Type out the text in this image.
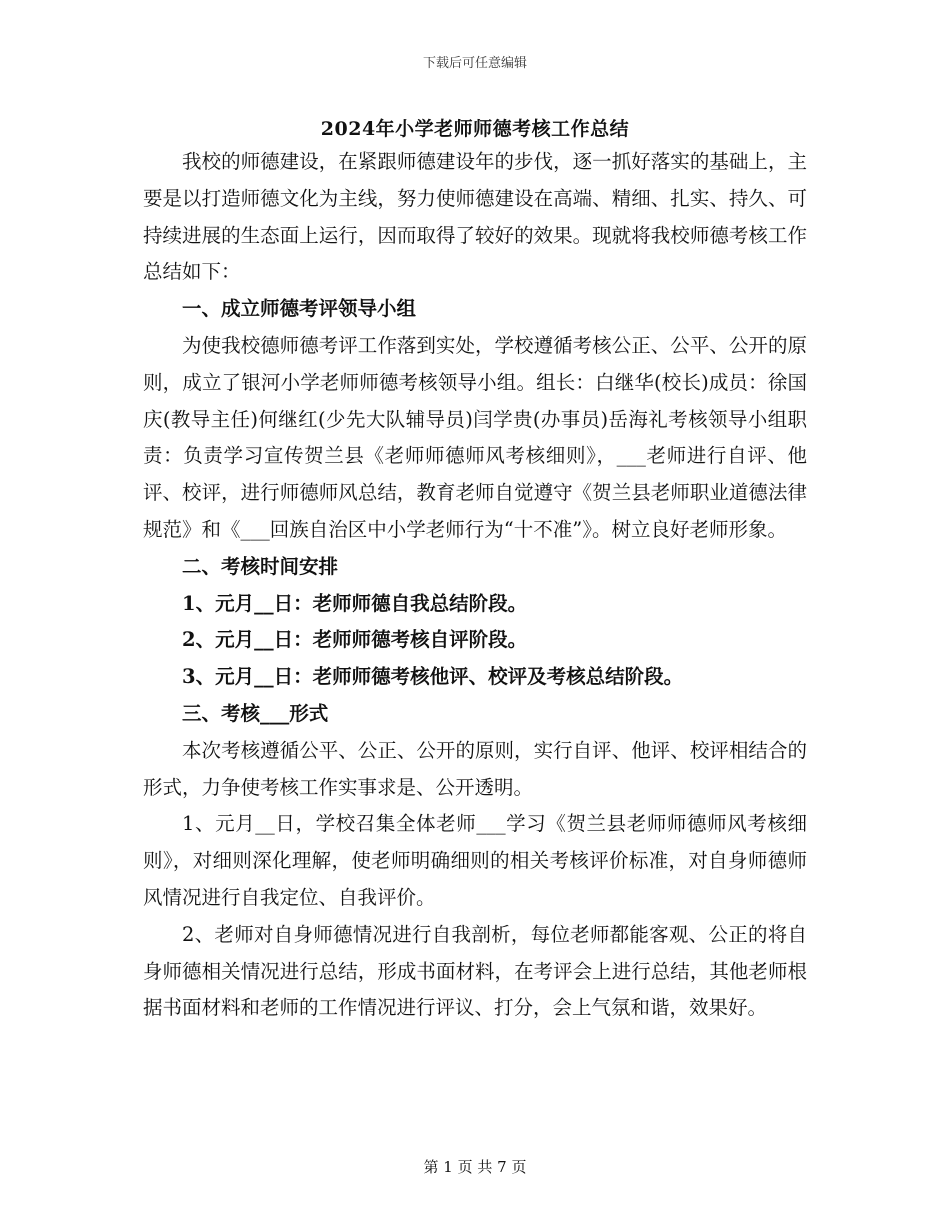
下载后可任意编辑
2024年小学老师师德考核工作总结

我校的师德建设，在紧跟师德建设年的步伐，逐一抓好落实的基础上，主要是以打造师德文化为主线，努力使师德建设在高端、精细、扎实、持久、可持续进展的生态面上运行，因而取得了较好的效果。现就将我校师德考核工作总结如下：

一、成立师德考评领导小组

为使我校德师德考评工作落到实处，学校遵循考核公正、公平、公开的原则，成立了银河小学老师师德考核领导小组。组长：白继华(校长)成员：徐国庆(教导主任)何继红(少先大队辅导员)闫学贵(办事员)岳海礼考核领导小组职责：负责学习宣传贺兰县《老师师德师风考核细则》，___老师进行自评、他评、校评，进行师德师风总结，教育老师自觉遵守《贺兰县老师职业道德法律规范》和《___回族自治区中小学老师行为“十不准”》。树立良好老师形象。

二、考核时间安排

1、元月__日：老师师德自我总结阶段。

2、元月__日：老师师德考核自评阶段。

3、元月__日：老师师德考核他评、校评及考核总结阶段。

三、考核___形式

本次考核遵循公平、公正、公开的原则，实行自评、他评、校评相结合的形式，力争使考核工作实事求是、公开透明。

1、元月__日，学校召集全体老师___学习《贺兰县老师师德师风考核细则》，对细则深化理解，使老师明确细则的相关考核评价标准，对自身师德师风情况进行自我定位、自我评价。

2、老师对自身师德情况进行自我剖析，每位老师都能客观、公正的将自身师德相关情况进行总结，形成书面材料，在考评会上进行总结，其他老师根据书面材料和老师的工作情况进行评议、打分，会上气氛和谐，效果好。

第 1 页 共 7 页
